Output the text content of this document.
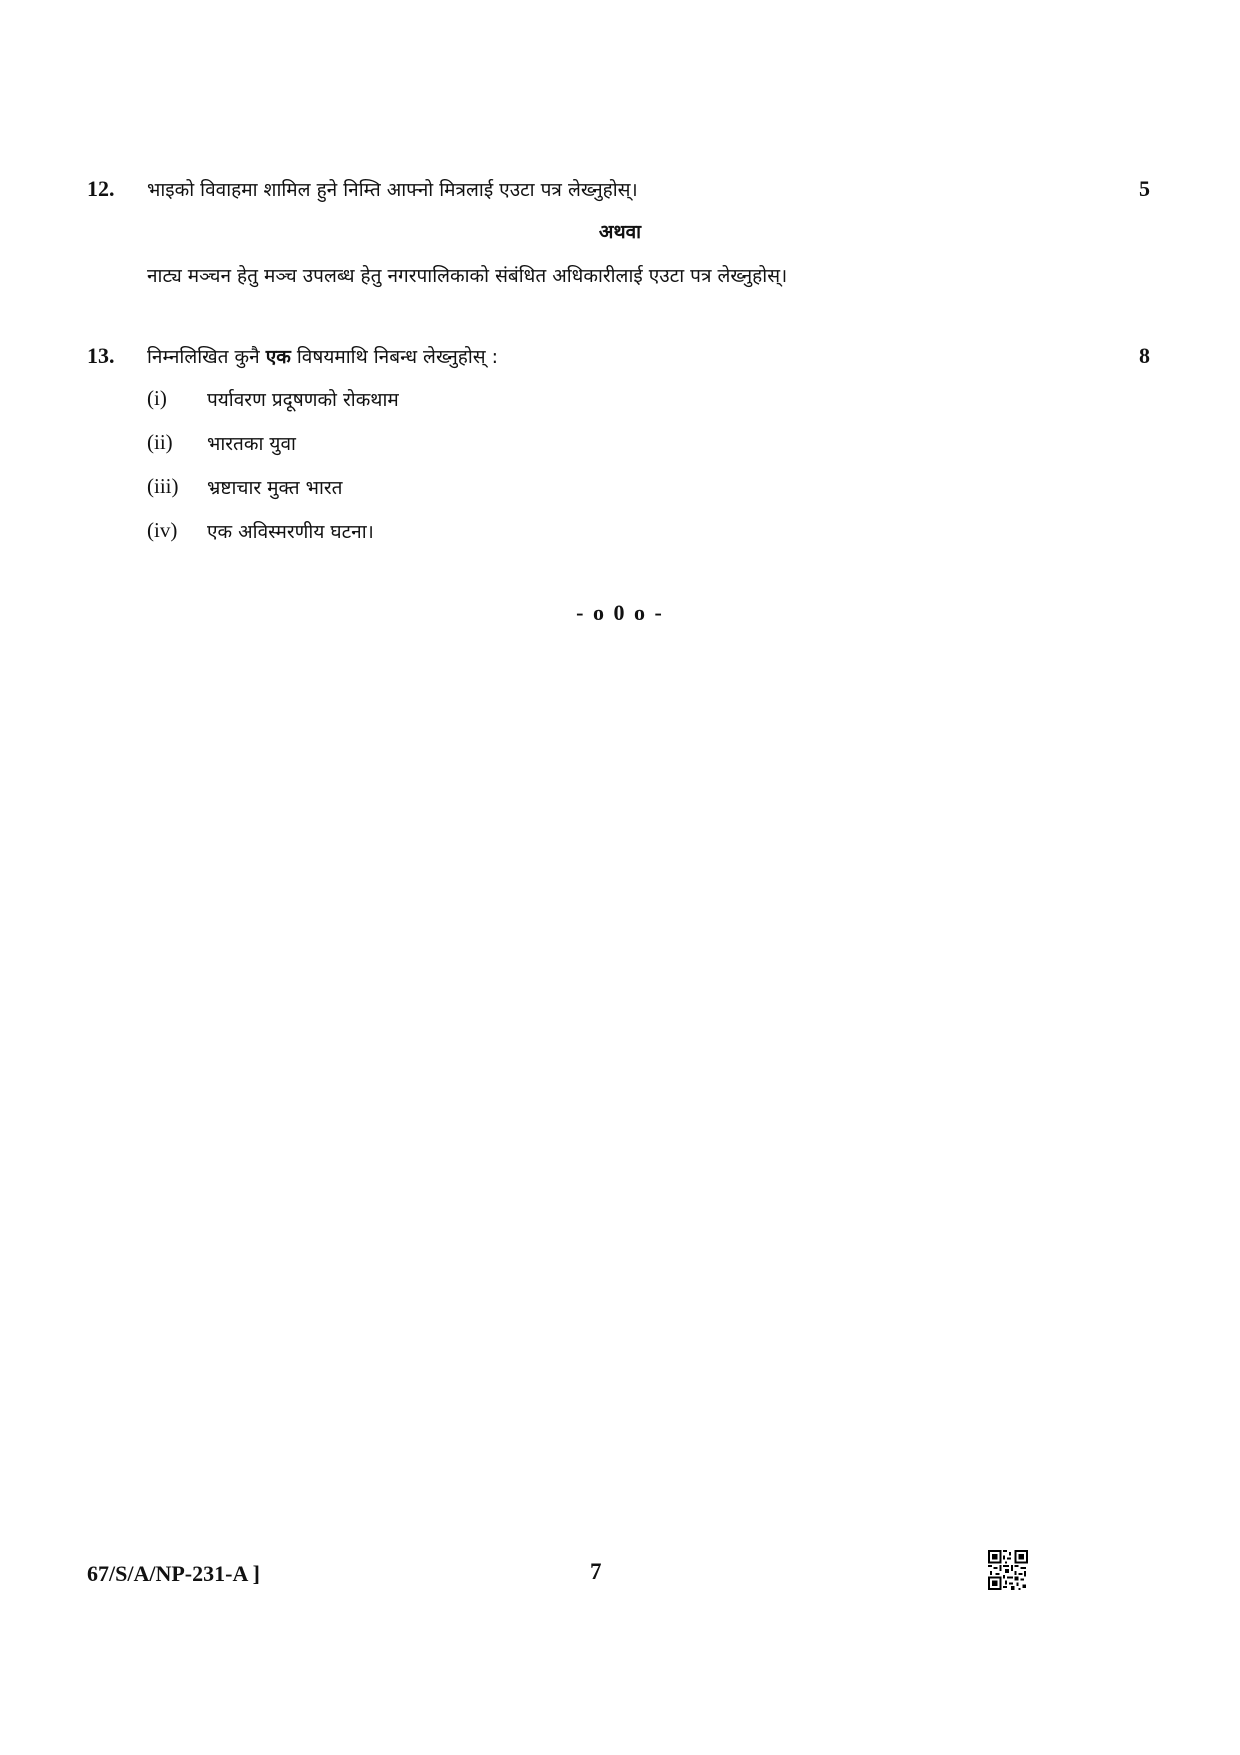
12. भाइको विवाहमा शामिल हुने निम्ति आफ्नो मित्रलाई एउटा पत्र लेख्नुहोस्।	5
अथवा
नाट्य मञ्चन हेतु मञ्च उपलब्ध हेतु नगरपालिकाको संबंधित अधिकारीलाई एउटा पत्र लेख्नुहोस्।
13. निम्नलिखित कुनै एक विषयमाथि निबन्ध लेख्नुहोस् :	8
(i) पर्यावरण प्रदूषणको रोकथाम
(ii) भारतका युवा
(iii) भ्रष्टाचार मुक्त भारत
(iv) एक अविस्मरणीय घटना।
- o 0 o -
67/S/A/NP-231-A ]	7
